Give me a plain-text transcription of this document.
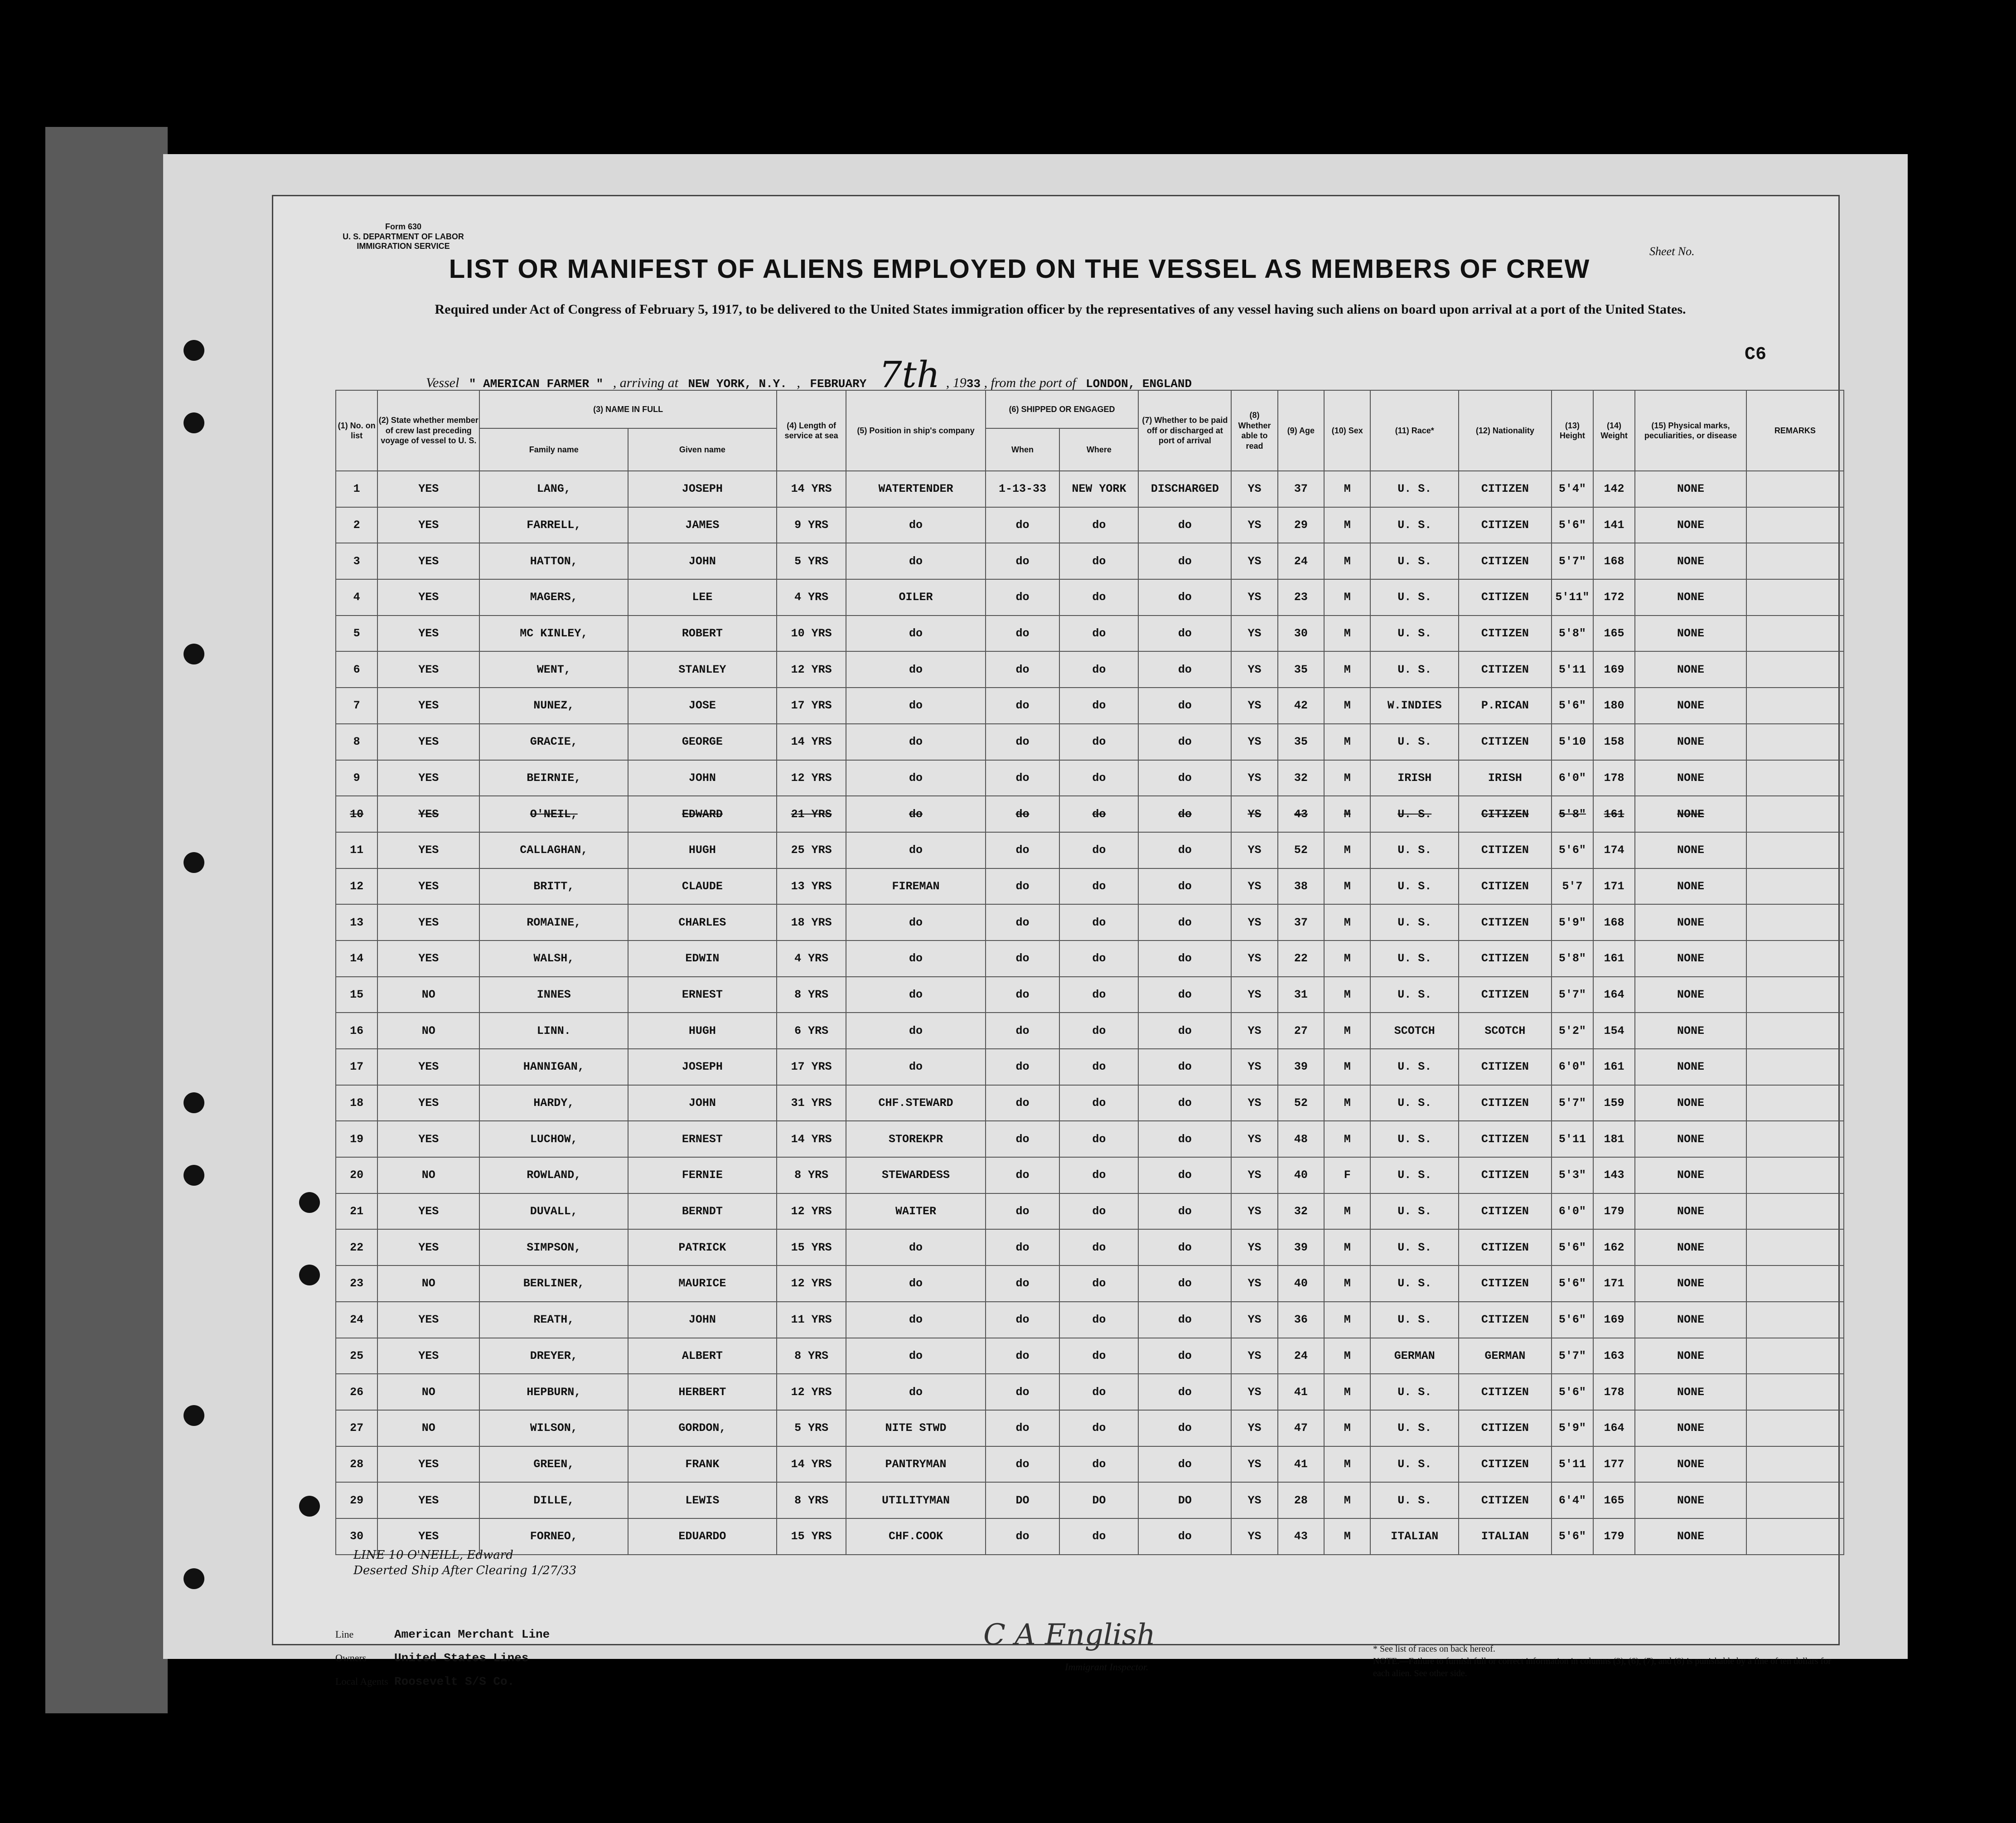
Form 630
U. S. DEPARTMENT OF LABOR
IMMIGRATION SERVICE
LIST OR MANIFEST OF ALIENS EMPLOYED ON THE VESSEL AS MEMBERS OF CREW
Required under Act of Congress of February 5, 1917, to be delivered to the United States immigration officer by the representatives of any vessel having such aliens on board upon arrival at a port of the United States.
Sheet No.
C6
Vessel " AMERICAN FARMER " , arriving at NEW YORK, N.Y. , FEBRUARY 7th , 1933 , from the port of LONDON, ENGLAND
(1) No. on list	(2) State whether member of crew last preceding voyage of vessel to U. S.	(3) NAME IN FULL		(4) Length of service at sea	(5) Position in ship's company	(6) SHIPPED OR ENGAGED		(7) Whether to be paid off or discharged at port of arrival	(8) Whether able to read	(9) Age	(10) Sex	(11) Race*	(12) Nationality	(13) Height	(14) Weight	(15) Physical marks, peculiarities, or disease	REMARKS
		Family name	Given name			When	Where										
1	YES	LANG,	JOSEPH	14 YRS	WATERTENDER	1-13-33	NEW YORK	DISCHARGED	YS	37	M	U. S.	CITIZEN	5'4"	142	NONE	
2	YES	FARRELL,	JAMES	9 YRS	do	do	do	do	YS	29	M	U. S.	CITIZEN	5'6"	141	NONE	
3	YES	HATTON,	JOHN	5 YRS	do	do	do	do	YS	24	M	U. S.	CITIZEN	5'7"	168	NONE	
4	YES	MAGERS,	LEE	4 YRS	OILER	do	do	do	YS	23	M	U. S.	CITIZEN	5'11"	172	NONE	
5	YES	MC KINLEY,	ROBERT	10 YRS	do	do	do	do	YS	30	M	U. S.	CITIZEN	5'8"	165	NONE	
6	YES	WENT,	STANLEY	12 YRS	do	do	do	do	YS	35	M	U. S.	CITIZEN	5'11	169	NONE	
7	YES	NUNEZ,	JOSE	17 YRS	do	do	do	do	YS	42	M	W.INDIES	P.RICAN	5'6"	180	NONE	
8	YES	GRACIE,	GEORGE	14 YRS	do	do	do	do	YS	35	M	U. S.	CITIZEN	5'10	158	NONE	
9	YES	BEIRNIE,	JOHN	12 YRS	do	do	do	do	YS	32	M	IRISH	IRISH	6'0"	178	NONE	
10	YES	O'NEIL,	EDWARD	21 YRS	do	do	do	do	YS	43	M	U. S.	CITIZEN	5'8"	161	NONE	
11	YES	CALLAGHAN,	HUGH	25 YRS	do	do	do	do	YS	52	M	U. S.	CITIZEN	5'6"	174	NONE	
12	YES	BRITT,	CLAUDE	13 YRS	FIREMAN	do	do	do	YS	38	M	U. S.	CITIZEN	5'7	171	NONE	
13	YES	ROMAINE,	CHARLES	18 YRS	do	do	do	do	YS	37	M	U. S.	CITIZEN	5'9"	168	NONE	
14	YES	WALSH,	EDWIN	4 YRS	do	do	do	do	YS	22	M	U. S.	CITIZEN	5'8"	161	NONE	
15	NO	INNES	ERNEST	8 YRS	do	do	do	do	YS	31	M	U. S.	CITIZEN	5'7"	164	NONE	
16	NO	LINN.	HUGH	6 YRS	do	do	do	do	YS	27	M	SCOTCH	SCOTCH	5'2"	154	NONE	
17	YES	HANNIGAN,	JOSEPH	17 YRS	do	do	do	do	YS	39	M	U. S.	CITIZEN	6'0"	161	NONE	
18	YES	HARDY,	JOHN	31 YRS	CHF.STEWARD	do	do	do	YS	52	M	U. S.	CITIZEN	5'7"	159	NONE	
19	YES	LUCHOW,	ERNEST	14 YRS	STOREKPR	do	do	do	YS	48	M	U. S.	CITIZEN	5'11	181	NONE	
20	NO	ROWLAND,	FERNIE	8 YRS	STEWARDESS	do	do	do	YS	40	F	U. S.	CITIZEN	5'3"	143	NONE	
21	YES	DUVALL,	BERNDT	12 YRS	WAITER	do	do	do	YS	32	M	U. S.	CITIZEN	6'0"	179	NONE	
22	YES	SIMPSON,	PATRICK	15 YRS	do	do	do	do	YS	39	M	U. S.	CITIZEN	5'6"	162	NONE	
23	NO	BERLINER,	MAURICE	12 YRS	do	do	do	do	YS	40	M	U. S.	CITIZEN	5'6"	171	NONE	
24	YES	REATH,	JOHN	11 YRS	do	do	do	do	YS	36	M	U. S.	CITIZEN	5'6"	169	NONE	
25	YES	DREYER,	ALBERT	8 YRS	do	do	do	do	YS	24	M	GERMAN	GERMAN	5'7"	163	NONE	
26	NO	HEPBURN,	HERBERT	12 YRS	do	do	do	do	YS	41	M	U. S.	CITIZEN	5'6"	178	NONE	
27	NO	WILSON,	GORDON,	5 YRS	NITE STWD	do	do	do	YS	47	M	U. S.	CITIZEN	5'9"	164	NONE	
28	YES	GREEN,	FRANK	14 YRS	PANTRYMAN	do	do	do	YS	41	M	U. S.	CITIZEN	5'11	177	NONE	
29	YES	DILLE,	LEWIS	8 YRS	UTILITYMAN	DO	DO	DO	YS	28	M	U. S.	CITIZEN	6'4"	165	NONE	
30	YES	FORNEO,	EDUARDO	15 YRS	CHF.COOK	do	do	do	YS	43	M	ITALIAN	ITALIAN	5'6"	179	NONE	
LINE 10 O'NEILL, Edward
Deserted Ship After Clearing 1/27/33
Line	American Merchant Line
Owners United States Lines
Local Agents Roosevelt S/S Co.
C A English
Immigrant Inspector.
* See list of races on back hereof.
NOTE.—Failure to furnish full or correct information in columns (3), (6), (7), and (8) is punishable by a fine of ten dollars for each alien. See other side.
